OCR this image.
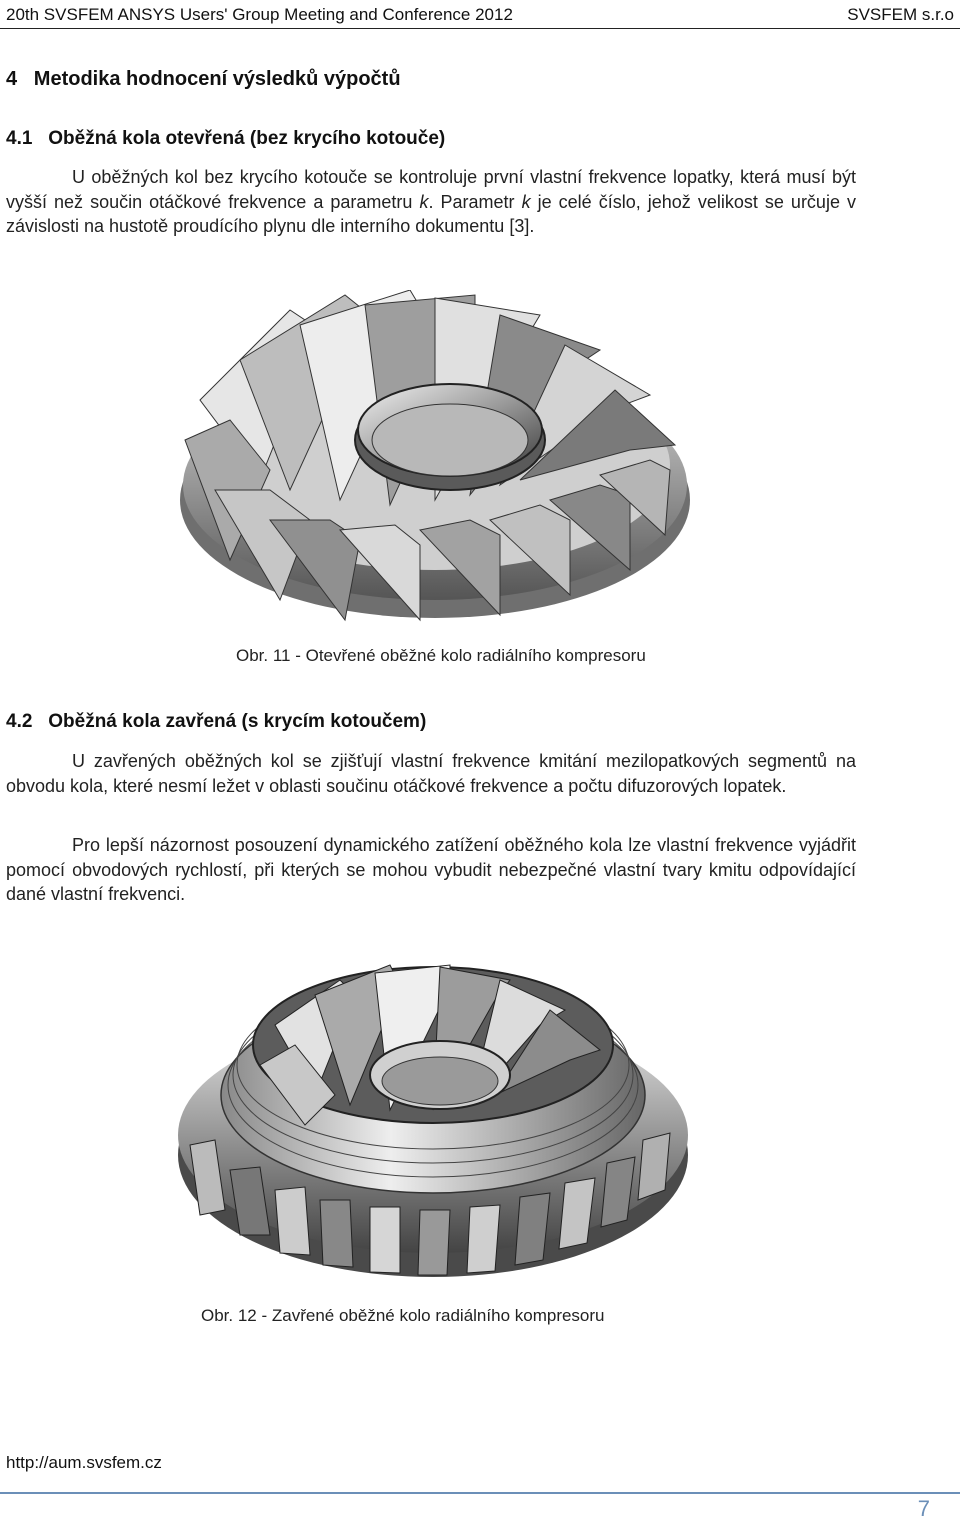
20th SVSFEM ANSYS Users' Group Meeting and Conference 2012	SVSFEM s.r.o
4   Metodika hodnocení výsledků výpočtů
4.1   Oběžná kola otevřená (bez krycího kotouče)
U oběžných kol bez krycího kotouče se kontroluje první vlastní frekvence lopatky, která musí být vyšší než součin otáčkové frekvence a parametru k. Parametr k je celé číslo, jehož velikost se určuje v závislosti na hustotě proudícího plynu dle interního dokumentu [3].
Obr. 11 - Otevřené oběžné kolo radiálního kompresoru
4.2   Oběžná kola zavřená (s krycím kotoučem)
U zavřených oběžných kol se zjišťují vlastní frekvence kmitání mezilopatkových segmentů na obvodu kola, které nesmí ležet v oblasti součinu otáčkové frekvence a počtu difuzorových lopatek.
Pro lepší názornost posouzení dynamického zatížení oběžného kola lze vlastní frekvence vyjádřit pomocí obvodových rychlostí, při kterých se mohou vybudit nebezpečné vlastní tvary kmitu odpovídající dané vlastní frekvenci.
Obr. 12 - Zavřené oběžné kolo radiálního kompresoru
http://aum.svsfem.cz
7
